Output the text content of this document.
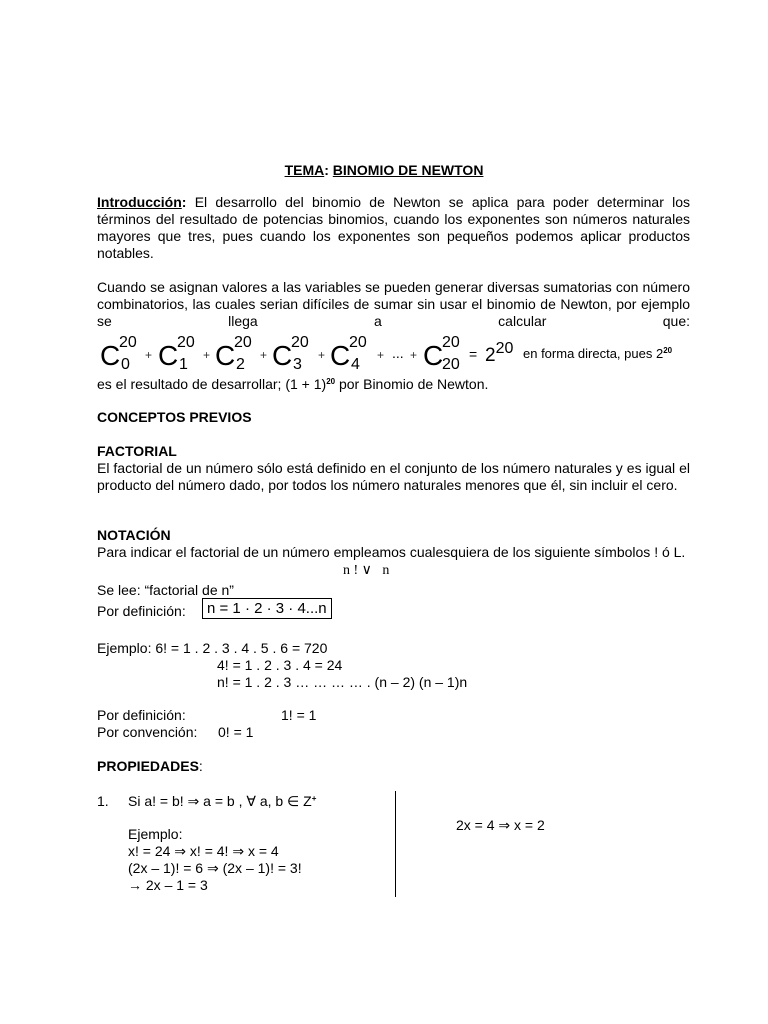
TEMA: BINOMIO DE NEWTON
Introducción: El desarrollo del binomio de Newton se aplica para poder determinar los términos del resultado de potencias binomios, cuando los exponentes son números naturales mayores que tres, pues cuando los exponentes son pequeños podemos aplicar productos notables.
Cuando se asignan valores a las variables se pueden generar diversas sumatorias con número combinatorios, las cuales serian difíciles de sumar sin usar el binomio de Newton, por ejemplo se llega a calcular que:
C
20
0
+ C
20
1
+ C
20
2
+ C
20
3
+ C
20
4
+ ... + C
20
20
= $2^{20}$ en forma directa, pues $2^{20}$
es el resultado de desarrollar; $(1 + 1)^{20}$ por Binomio de Newton.
CONCEPTOS PREVIOS
FACTORIAL
El factorial de un número sólo está definido en el conjunto de los número naturales y es igual el producto del número dado, por todos los número naturales menores que él, sin incluir el cero.
NOTACIÓN
Para indicar el factorial de un número empleamos cualesquiera de los siguiente símbolos ! ó L.
n ! ∨   n
Se lee: “factorial de n”
Por definición:	n = 1 · 2 · 3 · 4...n
Ejemplo: 6! = 1 . 2 . 3 . 4 . 5 . 6 = 720
4! = 1 . 2 . 3 . 4 = 24
n! = 1 . 2 . 3 … … … … . (n – 2) (n – 1)n
Por definición:	1! = 1
Por convención: 0! = 1
PROPIEDADES:
1. Si a! = b! ⇒ a = b , ∀ a, b ∈ Z+
Ejemplo:
x! = 24 ⇒ x! = 4! ⇒ x = 4
(2x – 1)! = 6 ⇒ (2x – 1)! = 3!
→ 2x – 1 = 3
2x = 4 ⇒ x = 2
